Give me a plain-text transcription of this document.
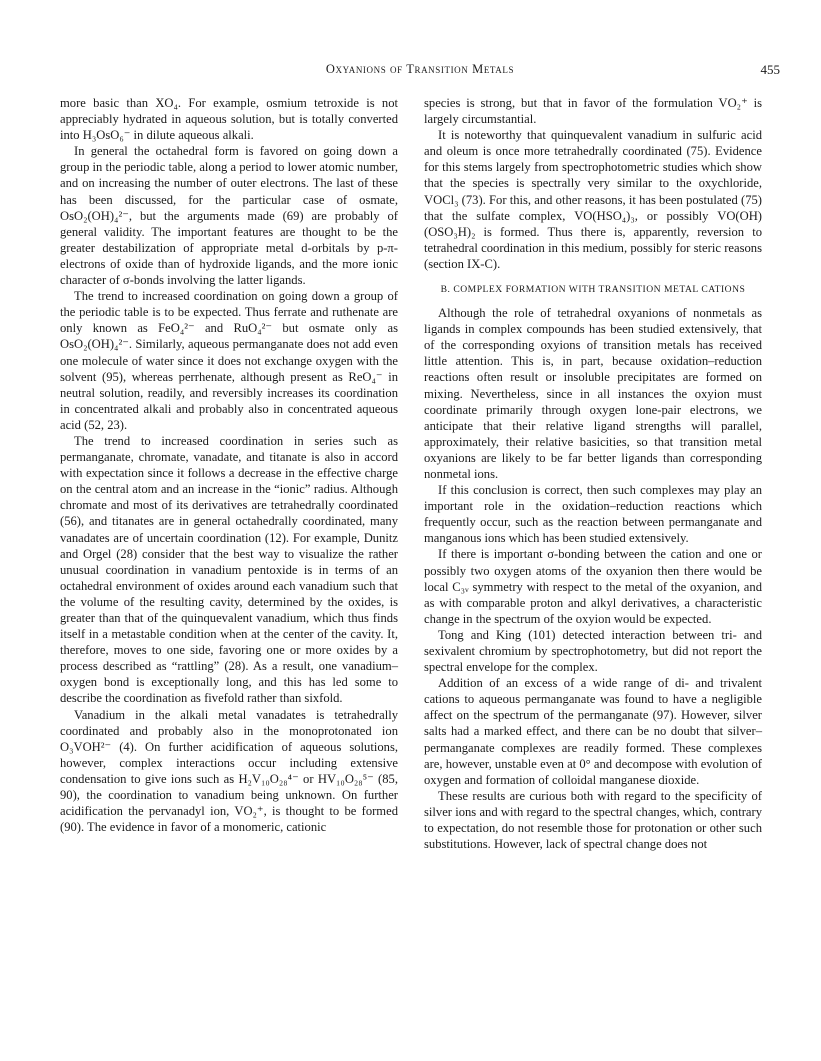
Oxyanions of Transition Metals	455

more basic than XO₄. For example, osmium tetroxide is not appreciably hydrated in aqueous solution, but is totally converted into H₃OsO₆⁻ in dilute aqueous alkali.

In general the octahedral form is favored on going down a group in the periodic table, along a period to lower atomic number, and on increasing the number of outer electrons. The last of these has been discussed, for the particular case of osmate, OsO₂(OH)₄²⁻, but the arguments made (69) are probably of general validity. The important features are thought to be the greater destabilization of appropriate metal d-orbitals by p-π-electrons of oxide than of hydroxide ligands, and the more ionic character of σ-bonds involving the latter ligands.

The trend to increased coordination on going down a group of the periodic table is to be expected. Thus ferrate and ruthenate are only known as FeO₄²⁻ and RuO₄²⁻ but osmate only as OsO₂(OH)₄²⁻. Similarly, aqueous permanganate does not add even one molecule of water since it does not exchange oxygen with the solvent (95), whereas perrhenate, although present as ReO₄⁻ in neutral solution, readily, and reversibly increases its coordination in concentrated alkali and probably also in concentrated aqueous acid (52, 23).

The trend to increased coordination in series such as permanganate, chromate, vanadate, and titanate is also in accord with expectation since it follows a decrease in the effective charge on the central atom and an increase in the “ionic” radius. Although chromate and most of its derivatives are tetrahedrally coordinated (56), and titanates are in general octahedrally coordinated, many vanadates are of uncertain coordination (12). For example, Dunitz and Orgel (28) consider that the best way to visualize the rather unusual coordination in vanadium pentoxide is in terms of an octahedral environment of oxides around each vanadium such that the volume of the resulting cavity, determined by the oxides, is greater than that of the quinquevalent vanadium, which thus finds itself in a metastable condition when at the center of the cavity. It, therefore, moves to one side, favoring one or more oxides by a process described as “rattling” (28). As a result, one vanadium–oxygen bond is exceptionally long, and this has led some to describe the coordination as fivefold rather than sixfold.

Vanadium in the alkali metal vanadates is tetrahedrally coordinated and probably also in the monoprotonated ion O₃VOH²⁻ (4). On further acidification of aqueous solutions, however, complex interactions occur including extensive condensation to give ions such as H₂V₁₀O₂₈⁴⁻ or HV₁₀O₂₈⁵⁻ (85, 90), the coordination to vanadium being unknown. On further acidification the pervanadyl ion, VO₂⁺, is thought to be formed (90). The evidence in favor of a monomeric, cationic

species is strong, but that in favor of the formulation VO₂⁺ is largely circumstantial.

It is noteworthy that quinquevalent vanadium in sulfuric acid and oleum is once more tetrahedrally coordinated (75). Evidence for this stems largely from spectrophotometric studies which show that the species is spectrally very similar to the oxychloride, VOCl₃ (73). For this, and other reasons, it has been postulated (75) that the sulfate complex, VO(HSO₄)₃, or possibly VO(OH)(OSO₃H)₂ is formed. Thus there is, apparently, reversion to tetrahedral coordination in this medium, possibly for steric reasons (section IX-C).

B. COMPLEX FORMATION WITH TRANSITION METAL CATIONS

Although the role of tetrahedral oxyanions of nonmetals as ligands in complex compounds has been studied extensively, that of the corresponding oxyions of transition metals has received little attention. This is, in part, because oxidation–reduction reactions often result or insoluble precipitates are formed on mixing. Nevertheless, since in all instances the oxyion must coordinate primarily through oxygen lone-pair electrons, we anticipate that their relative ligand strengths will parallel, approximately, their relative basicities, so that transition metal oxyanions are likely to be far better ligands than corresponding nonmetal ions.

If this conclusion is correct, then such complexes may play an important role in the oxidation–reduction reactions which frequently occur, such as the reaction between permanganate and manganous ions which has been studied extensively.

If there is important σ-bonding between the cation and one or possibly two oxygen atoms of the oxyanion then there would be local C₃ᵥ symmetry with respect to the metal of the oxyanion, and as with comparable proton and alkyl derivatives, a characteristic change in the spectrum of the oxyion would be expected.

Tong and King (101) detected interaction between tri- and sexivalent chromium by spectrophotometry, but did not report the spectral envelope for the complex.

Addition of an excess of a wide range of di- and trivalent cations to aqueous permanganate was found to have a negligible affect on the spectrum of the permanganate (97). However, silver salts had a marked effect, and there can be no doubt that silver–permanganate complexes are readily formed. These complexes are, however, unstable even at 0° and decompose with evolution of oxygen and formation of colloidal manganese dioxide.

These results are curious both with regard to the specificity of silver ions and with regard to the spectral changes, which, contrary to expectation, do not resemble those for protonation or other such substitutions. However, lack of spectral change does not
